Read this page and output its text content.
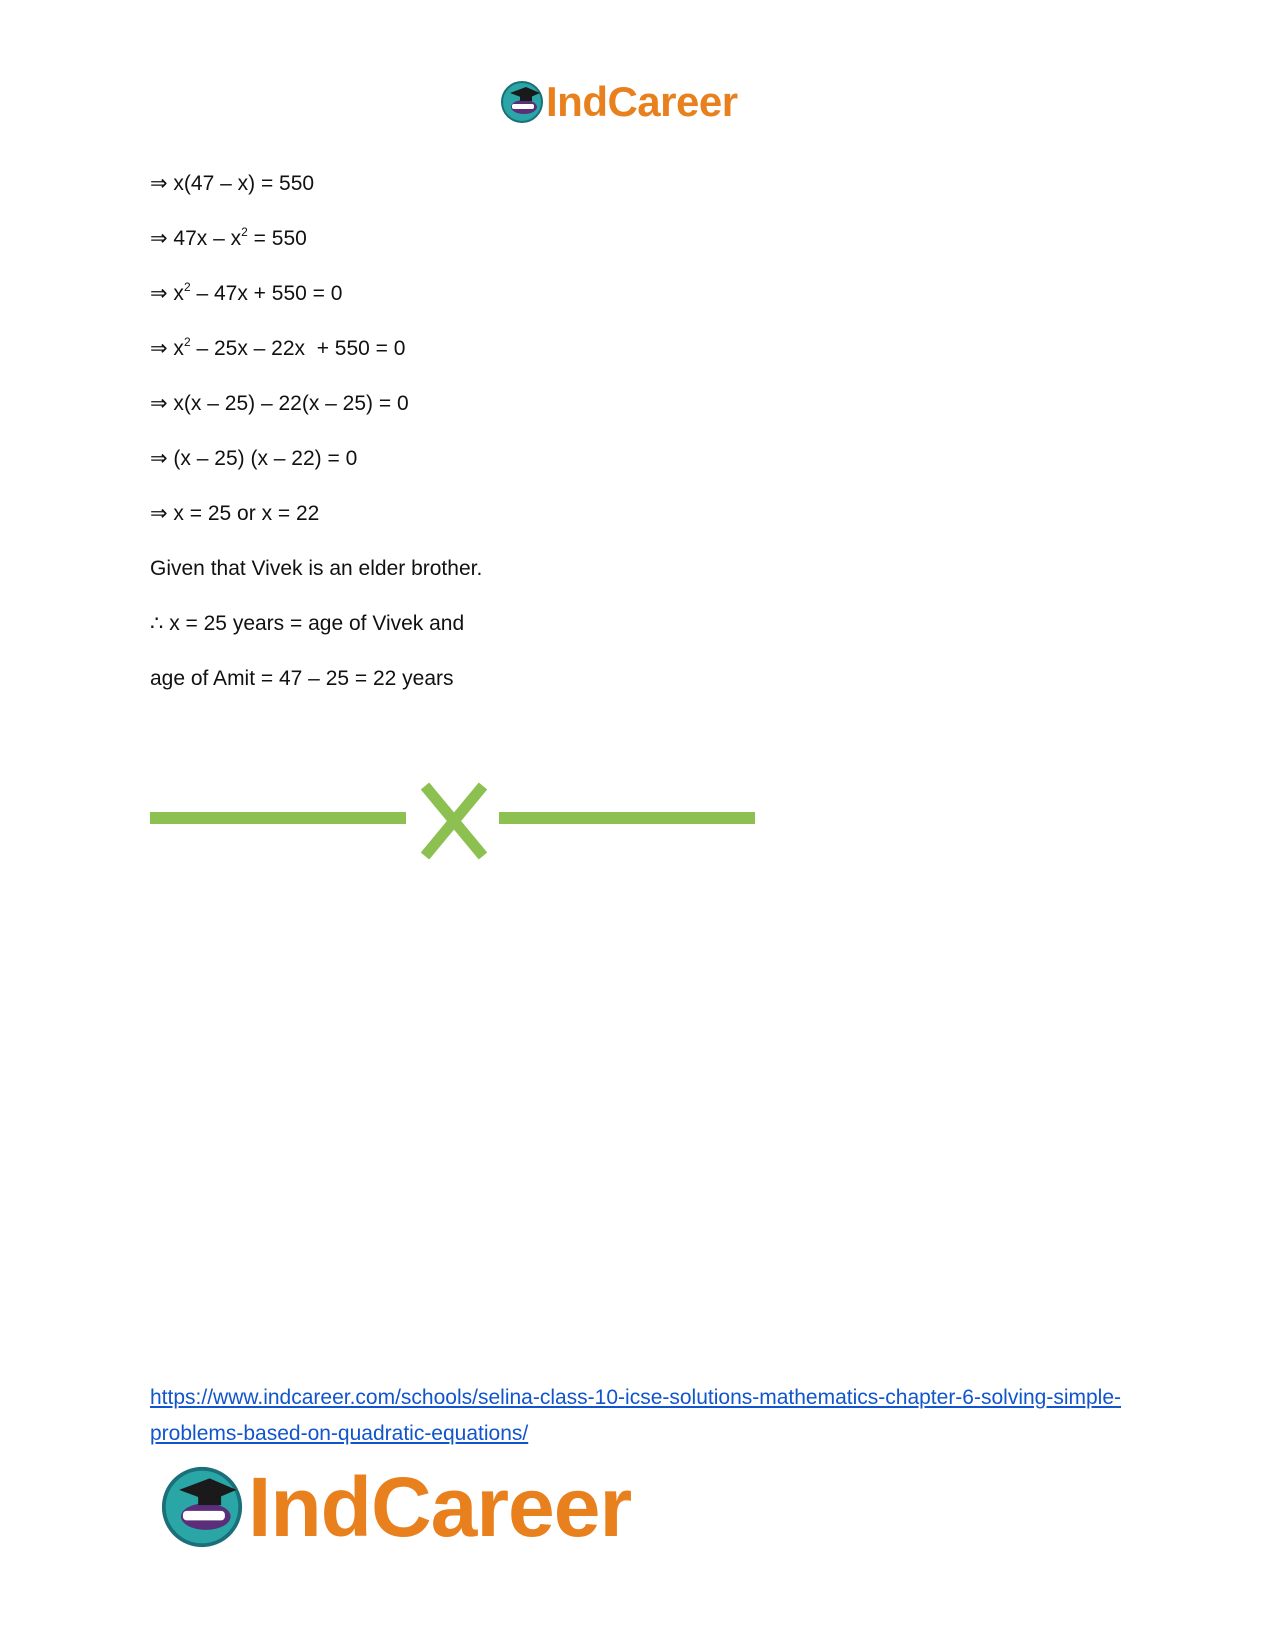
IndCareer
⇒ x(47 – x) = 550
⇒ $47x - x^2 = 550$
⇒ $x^2 - 47x + 550 = 0$
⇒ $x^2 - 25x - 22x + 550 = 0$
⇒ x(x – 25) – 22(x – 25) = 0
⇒ (x – 25) (x – 22) = 0
⇒ x = 25 or x = 22
Given that Vivek is an elder brother.
∴ x = 25 years = age of Vivek and
age of Amit = 47 – 25 = 22 years
https://www.indcareer.com/schools/selina-class-10-icse-solutions-mathematics-chapter-6-solving-simple-problems-based-on-quadratic-equations/
IndCareer
